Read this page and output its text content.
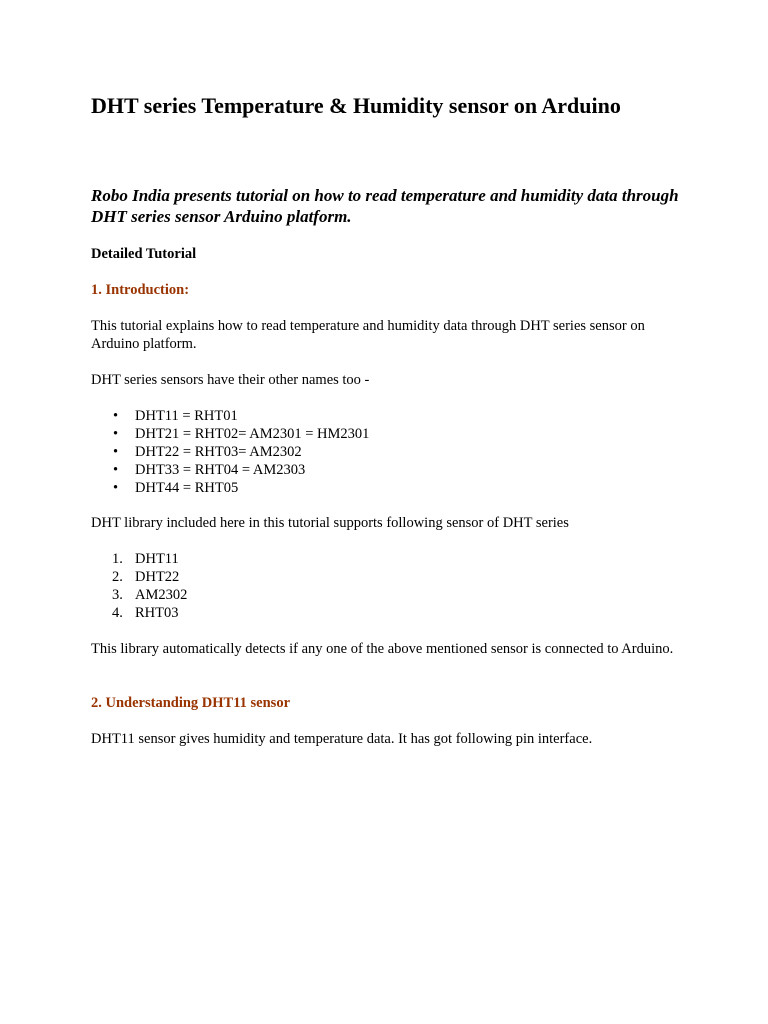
DHT series Temperature & Humidity sensor on Arduino

Robo India presents tutorial on how to read temperature and humidity data through DHT series sensor Arduino platform.

Detailed Tutorial

1. Introduction:

This tutorial explains how to read temperature and humidity data through DHT series sensor on Arduino platform.

DHT series sensors have their other names too -

• DHT11 = RHT01
• DHT21 = RHT02= AM2301 = HM2301
• DHT22 = RHT03= AM2302
• DHT33 = RHT04 = AM2303
• DHT44 = RHT05

DHT library included here in this tutorial supports following sensor of DHT series

1. DHT11
2. DHT22
3. AM2302
4. RHT03

This library automatically detects if any one of the above mentioned sensor is connected to Arduino.

2. Understanding DHT11 sensor

DHT11 sensor gives humidity and temperature data. It has got following pin interface.
